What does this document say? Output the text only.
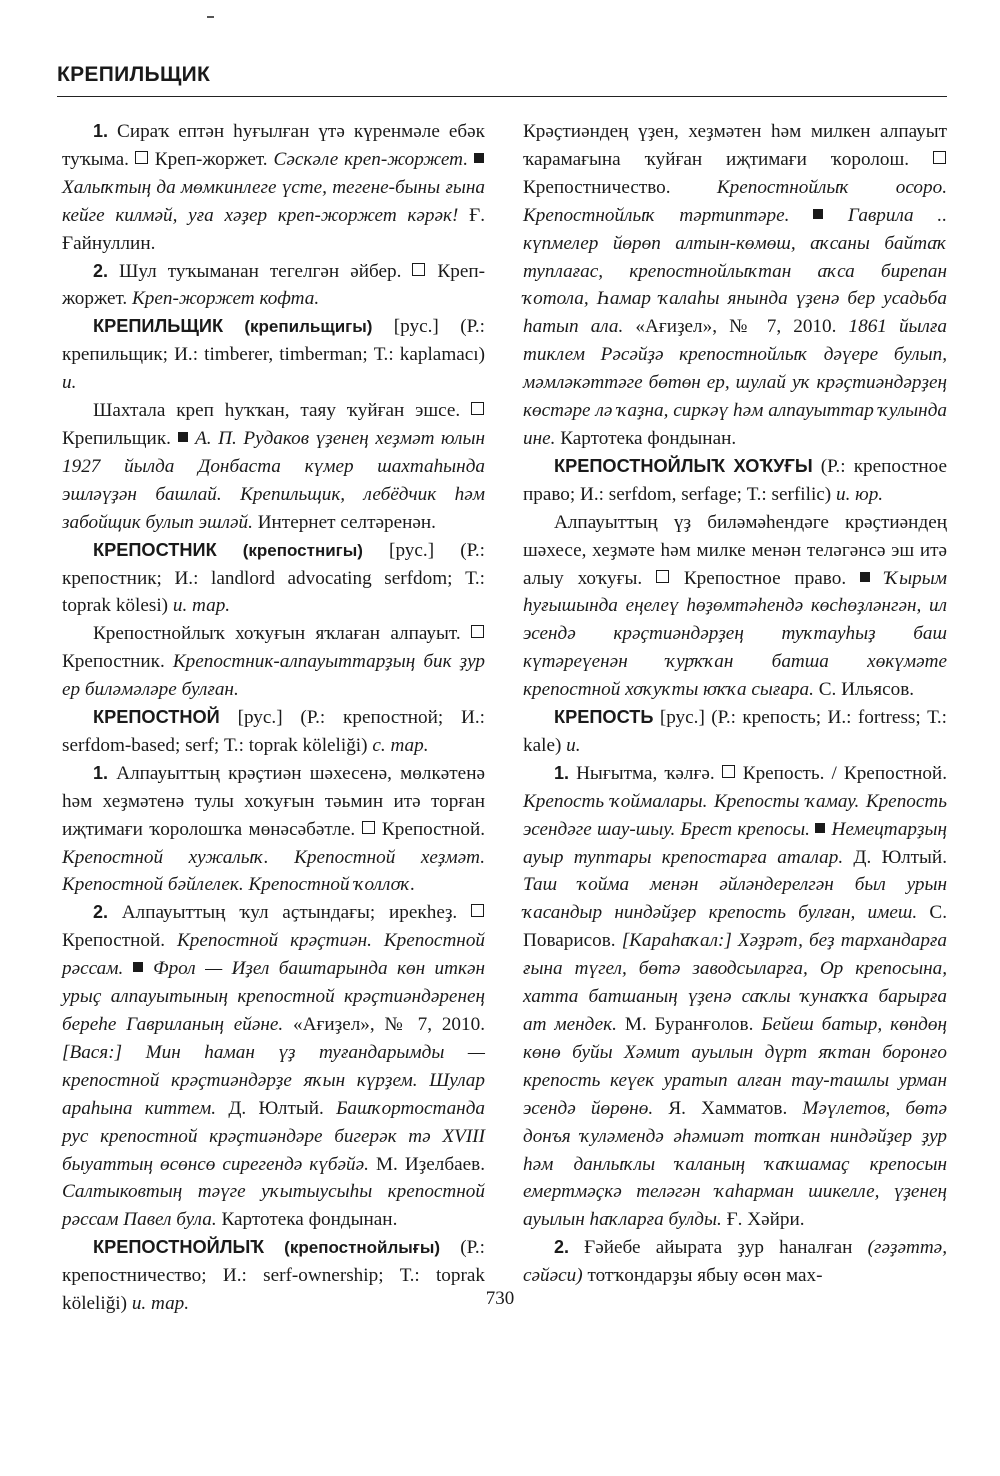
КРЕПИЛЬЩИК

1. Сираҡ ептән һуғылған үтә күренмәле ебәк туҡыма.  Креп-жоржет. Сәскәле креп-жоржет.  Халыҡтың да мөмкинлеге үсте, тегене-быны ғына кейге килмәй, уға хәҙер креп-жоржет кәрәк! Ғ. Ғайнуллин.

2. Шул туҡыманан тегелгән әйбер.  Креп-жоржет. Креп-жоржет кофта.

КРЕПИЛЬЩИК (крепильщигы) [рус.] (Р.: крепильщик; И.: timberer, timberman; Т.: kaplamacı) и.

Шахтала креп һуҡҡан, таяу ҡуйған эшсе.  Крепильщик.  А. П. Рудаков үҙенең хеҙмәт юлын 1927 йылда Донбаста күмер шахтаһында эшләүҙән башлай. Крепильщик, лебёдчик һәм забойщик булып эшләй. Интернет селтәренән.

КРЕПОСТНИК (крепостнигы) [рус.] (Р.: крепостник; И.: landlord advocating serfdom; Т.: toprak kölesi) и. тар.

Крепостнойлыҡ хоҡуғын яҡлаған алпауыт.  Крепостник. Крепостник-алпауыттарҙың бик ҙур ер биләмәләре булған.

КРЕПОСТНОЙ [рус.] (Р.: крепостной; И.: serfdom-based; serf; Т.: toprak köleliği) с. тар.

1. Алпауыттың крәҫтиән шәхесенә, мөлкәтенә һәм хеҙмәтенә тулы хоҡуғын тәьмин итә торған иҗтимағи ҡоролошҡа мөнәсәбәтле.  Крепостной. Крепостной хужалыҡ. Крепостной хеҙмәт. Крепостной бәйлелек. Крепостной ҡоллоҡ.

2. Алпауыттың ҡул аҫтындағы; ирекһеҙ.  Крепостной. Крепостной крәҫтиән. Крепостной рәссам.  Фрол — Иҙел баштарында көн иткән урыҫ алпауытының крепостной крәҫтиәндәренең береһе Гавриланың ейәне. «Ағиҙел», № 7, 2010. [Вася:] Мин һаман үҙ туғандарымды — крепостной крәҫтиәндәрҙе яҡын күрҙем. Шулар араһына киттем. Д. Юлтый. Башҡортостанда рус крепостной крәҫтиәндәре бигерәк тә XVIII быуаттың өсөнсө сирегендә күбәйә. М. Иҙелбаев. Салтыковтың тәүге уҡытыусыһы крепостной рәссам Павел була. Картотека фондынан.

КРЕПОСТНОЙЛЫҠ (крепостнойлығы) (Р.: крепостничество; И.: serf-ownership; Т.: toprak köleliği) и. тар.

Крәҫтиәндең үҙен, хеҙмәтен һәм милкен алпауыт ҡарамағына ҡуйған иҗтимағи ҡоролош.  Крепостничество. Крепостнойлыҡ осоро. Крепостнойлыҡ тәртиптәре.  Гаврила .. күпмелер йөрөп алтын-көмөш, аҡсаны байтаҡ туплағас, крепостнойлыҡтан аҡса бирепан ҡотола, Һамар ҡалаһы янында үҙенә бер усадьба һатып ала. «Ағиҙел», № 7, 2010. 1861 йылға тиклем Рәсәйҙә крепостнойлыҡ дәүере булып, мәмләкәттәге бөтөн ер, шулай уҡ крәҫтиәндәрҙең көстәре лә ҡаҙна, сиркәү һәм алпауыттар ҡулында ине. Картотека фондынан.

КРЕПОСТНОЙЛЫҠ ХОҠУҒЫ (Р.: крепостное право; И.: serfdom, serfage; Т.: serfilic) и. юр.

Алпауыттың үҙ биләмәһендәге крәҫтиәндең шәхесе, хеҙмәте һәм милке менән теләгәнсә эш итә алыу хоҡуғы.  Крепостное право.  Ҡырым һуғышында еңелеү һөҙөмтәһендә көсһөҙләнгән, ил эсендә крәҫтиәндәрҙең туҡтауһыҙ баш күтәреүенән ҡурҡҡан батша хөкүмәте крепостной хоҡуҡты юҡҡа сығара. С. Ильясов.

КРЕПОСТЬ [рус.] (Р.: крепость; И.: fortress; Т.: kale) и.

1. Нығытма, ҡәлғә.  Крепость. / Крепостной. Крепость ҡоймалары. Крепосты ҡамау. Крепость эсендәге шау-шыу. Брест крепосы.  Немецтарҙың ауыр туптары крепостарға аталар. Д. Юлтый. Таш ҡойма менән әйләндерелгән был урын ҡасандыр ниндәйҙер крепость булған, имеш. С. Поварисов. [Караһаҡал:] Хәҙрәт, беҙ тархандарға ғына түгел, бөтә заводсыларға, Ор крепосына, хатта батшаның үҙенә саҡлы ҡунаҡҡа барырға ат мендек. М. Буранғолов. Бейеш батыр, көндөң көнө буйы Хәмит ауылын дүрт яҡтан боронғо крепость кеүек уратып алған тау-ташлы урман эсендә йөрөнө. Я. Хамматов. Мәүлетов, бөтә донъя ҡуләмендә әһәмиәт тотҡан ниндәйҙер ҙур һәм данлыҡлы ҡаланың ҡаҡшамаҫ крепосын емертмәҫкә теләгән ҡаһарман шикелле, үҙенең ауылын һаҡларға булды. Ғ. Хәйри.

2. Ғәйебе айырата ҙур һаналған (гәҙәттә, сәйәси) тотҡондарҙы ябыу өсөн мах-

730
